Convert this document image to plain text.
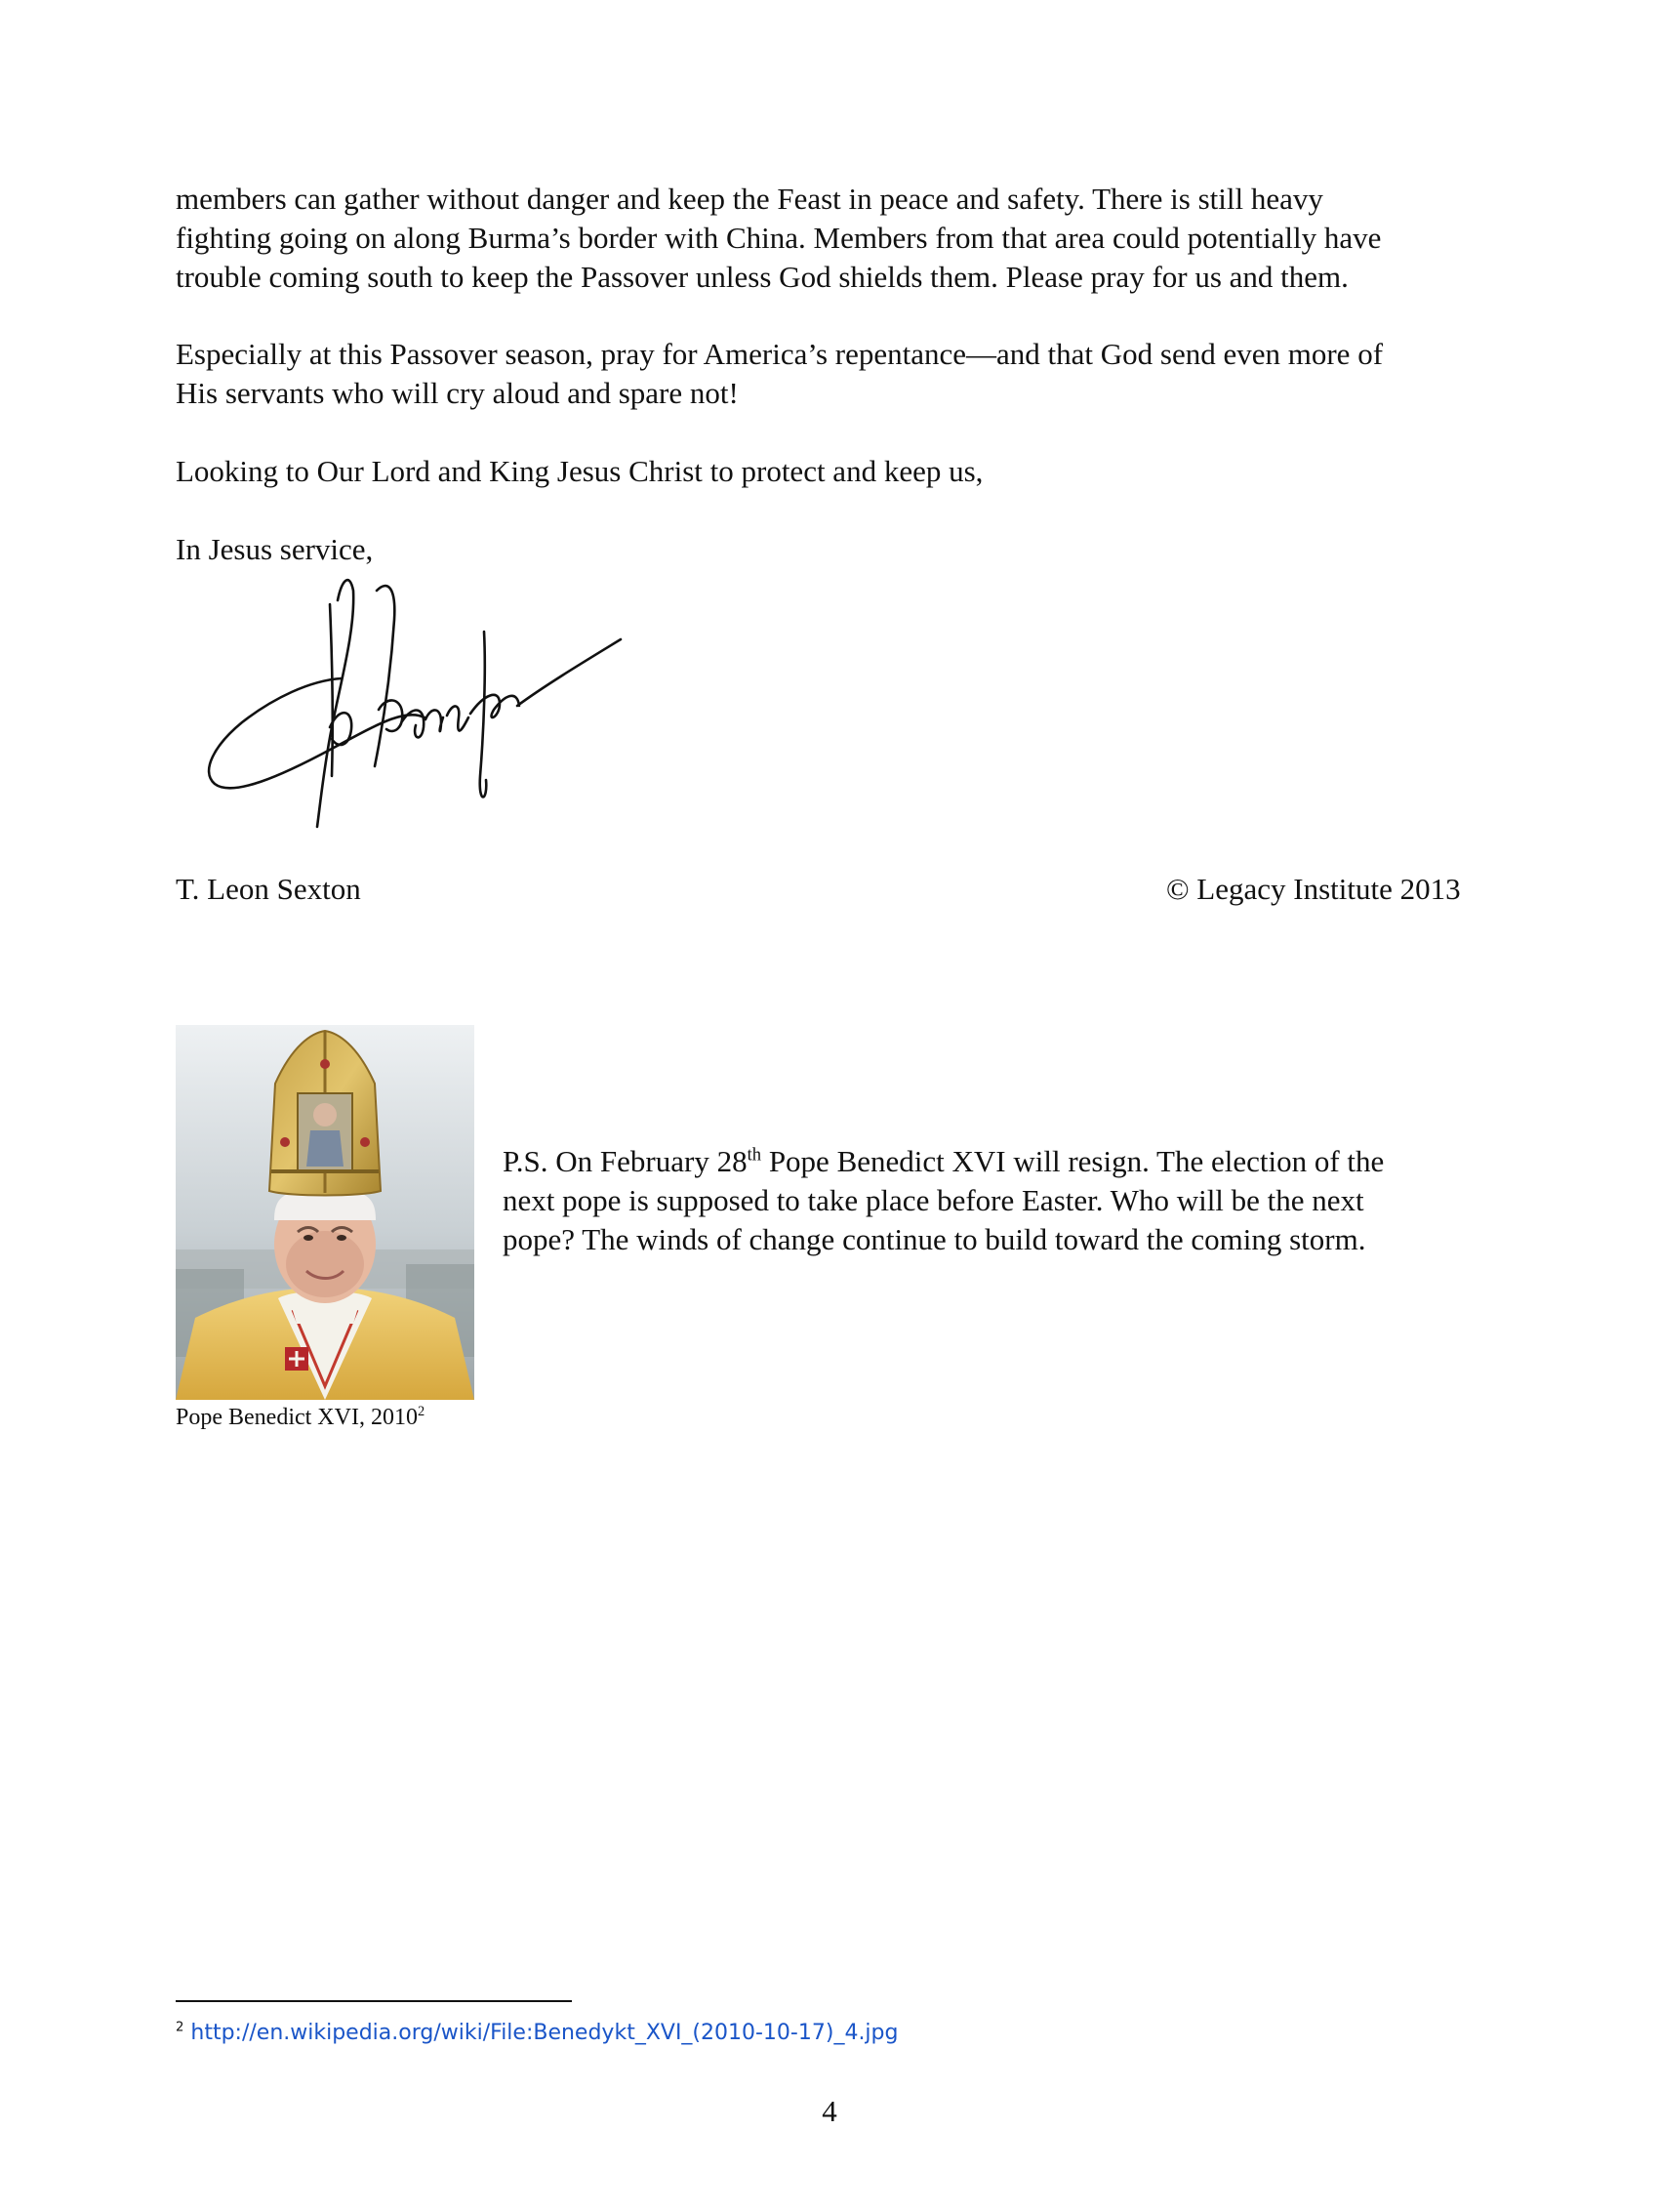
members can gather without danger and keep the Feast in peace and safety. There is still heavy
fighting going on along Burma’s border with China. Members from that area could potentially have
trouble coming south to keep the Passover unless God shields them. Please pray for us and them.

Especially at this Passover season, pray for America’s repentance—and that God send even more of
His servants who will cry aloud and spare not!

Looking to Our Lord and King Jesus Christ to protect and keep us,

In Jesus service,

T. Leon Sexton	© Legacy Institute 2013
Pope Benedict XVI, 2010$^2$
P.S. On February 28th Pope Benedict XVI will resign. The election of the
next pope is supposed to take place before Easter. Who will be the next
pope? The winds of change continue to build toward the coming storm.
$^2$ http://en.wikipedia.org/wiki/File:Benedykt_XVI_(2010-10-17)_4.jpg
4
